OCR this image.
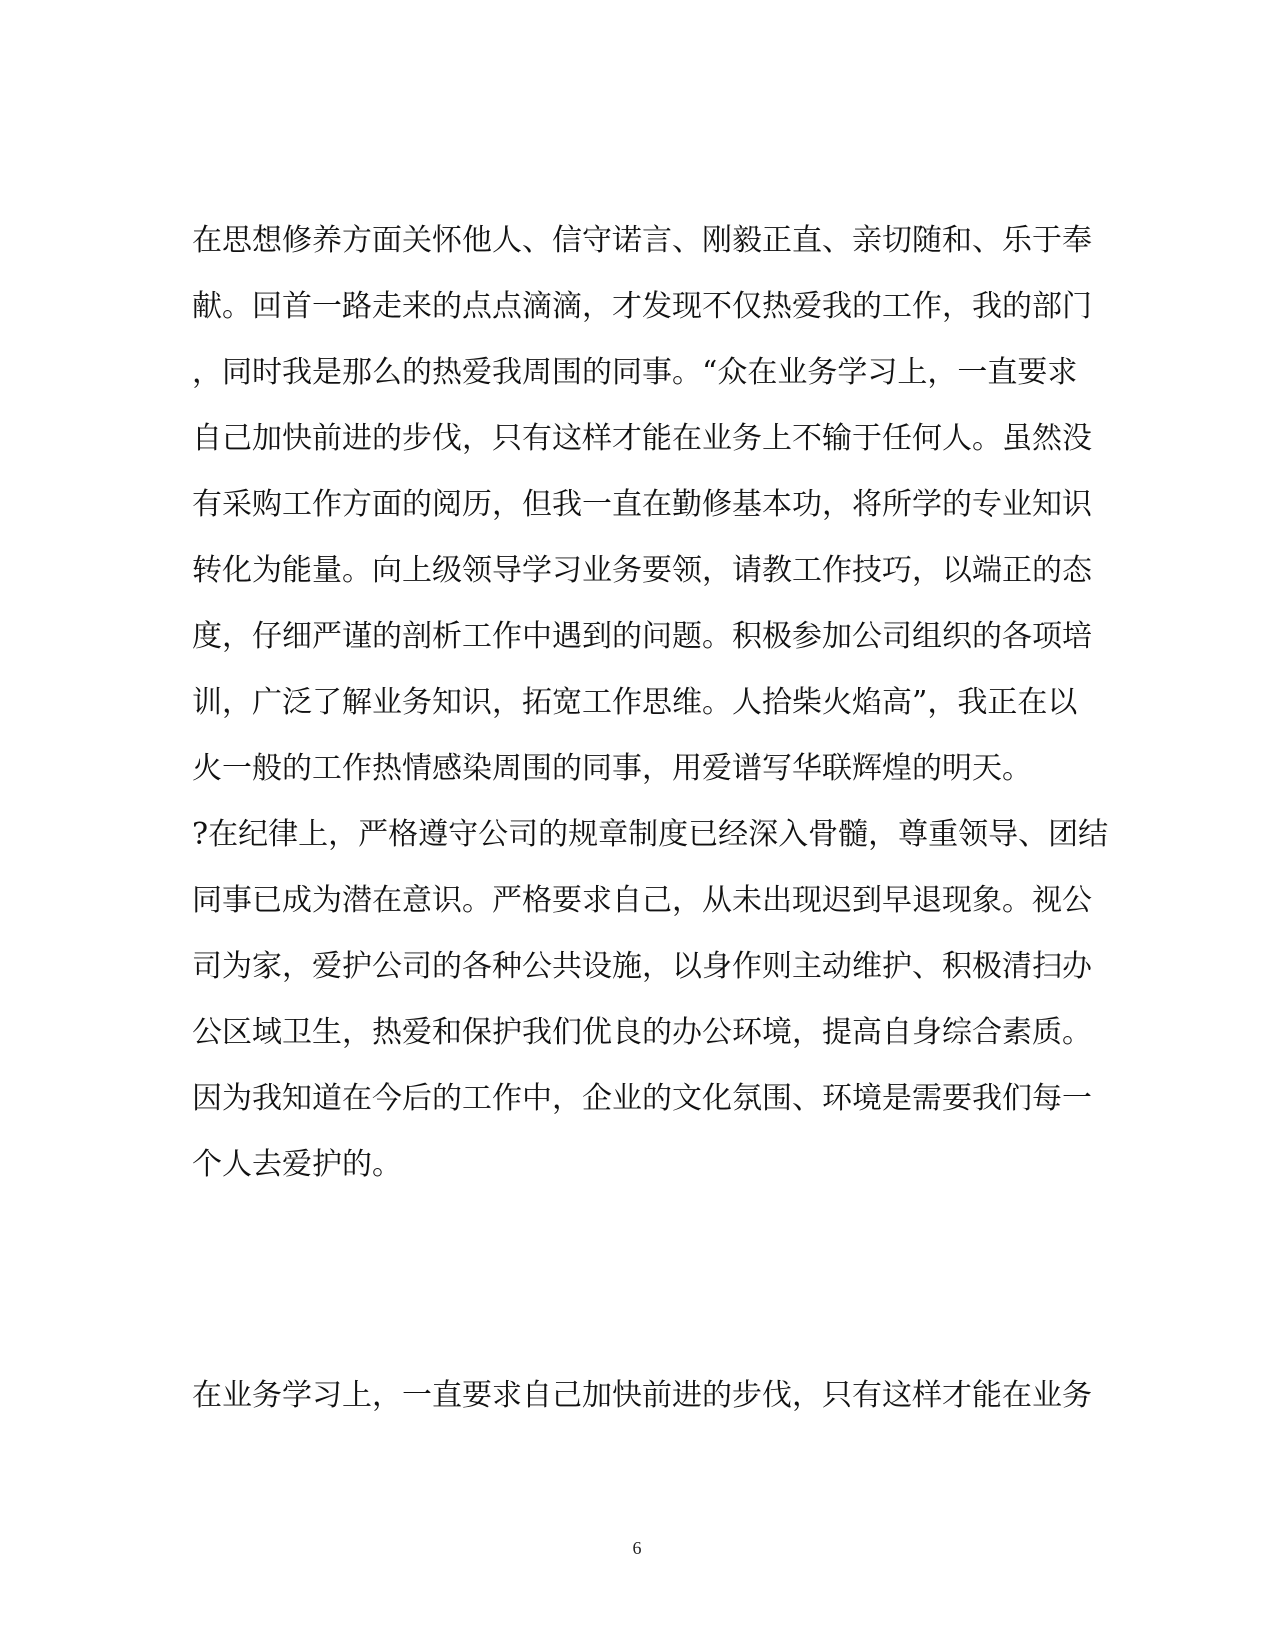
在思想修养方面关怀他人、信守诺言、刚毅正直、亲切随和、乐于奉
献。回首一路走来的点点滴滴，才发现不仅热爱我的工作，我的部门
，同时我是那么的热爱我周围的同事。“众在业务学习上，一直要求
自己加快前进的步伐，只有这样才能在业务上不输于任何人。虽然没
有采购工作方面的阅历，但我一直在勤修基本功，将所学的专业知识
转化为能量。向上级领导学习业务要领，请教工作技巧，以端正的态
度，仔细严谨的剖析工作中遇到的问题。积极参加公司组织的各项培
训，广泛了解业务知识，拓宽工作思维。人拾柴火焰高”，我正在以
火一般的工作热情感染周围的同事，用爱谱写华联辉煌的明天。
?在纪律上，严格遵守公司的规章制度已经深入骨髓，尊重领导、团结
同事已成为潜在意识。严格要求自己，从未出现迟到早退现象。视公
司为家，爱护公司的各种公共设施，以身作则主动维护、积极清扫办
公区域卫生，热爱和保护我们优良的办公环境，提高自身综合素质。
因为我知道在今后的工作中，企业的文化氛围、环境是需要我们每一
个人去爱护的。
在业务学习上，一直要求自己加快前进的步伐，只有这样才能在业务
6
